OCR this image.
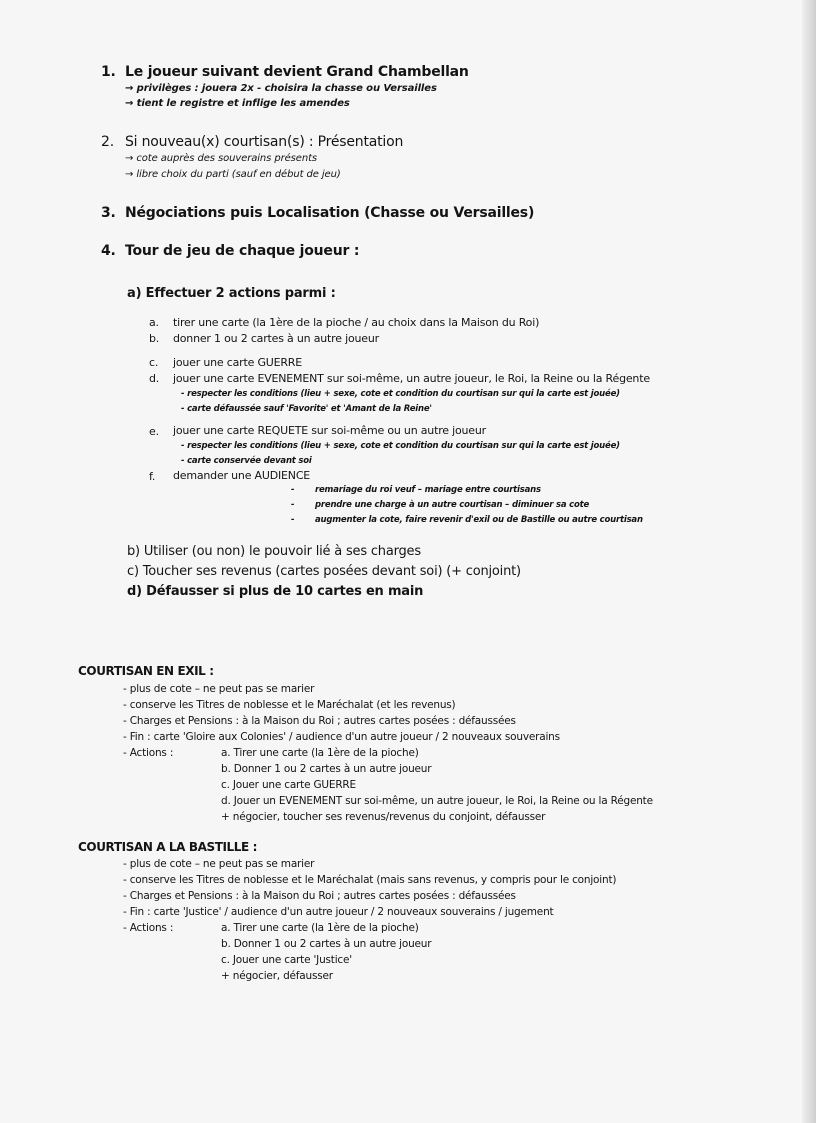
1. Le joueur suivant devient Grand Chambellan
→ privilèges : jouera 2x - choisira la chasse ou Versailles
→ tient le registre et inflige les amendes
2. Si nouveau(x) courtisan(s) : Présentation
→ cote auprès des souverains présents
→ libre choix du parti (sauf en début de jeu)
3. Négociations puis Localisation (Chasse ou Versailles)
4. Tour de jeu de chaque joueur :
a) Effectuer 2 actions parmi :
a. tirer une carte (la 1ère de la pioche / au choix dans la Maison du Roi)
b. donner 1 ou 2 cartes à un autre joueur
c. jouer une carte GUERRE
d. jouer une carte EVENEMENT sur soi-même, un autre joueur, le Roi, la Reine ou la Régente
- respecter les conditions (lieu + sexe, cote et condition du courtisan sur qui la carte est jouée)
- carte défaussée sauf 'Favorite' et 'Amant de la Reine'
e. jouer une carte REQUETE sur soi-même ou un autre joueur
- respecter les conditions (lieu + sexe, cote et condition du courtisan sur qui la carte est jouée)
- carte conservée devant soi
f. demander une AUDIENCE
- remariage du roi veuf – mariage entre courtisans
- prendre une charge à un autre courtisan – diminuer sa cote
- augmenter la cote, faire revenir d'exil ou de Bastille ou autre courtisan
b) Utiliser (ou non) le pouvoir lié à ses charges
c) Toucher ses revenus (cartes posées devant soi) (+ conjoint)
d) Défausser si plus de 10 cartes en main
COURTISAN EN EXIL :
- plus de cote – ne peut pas se marier
- conserve les Titres de noblesse et le Maréchalat (et les revenus)
- Charges et Pensions : à la Maison du Roi ; autres cartes posées : défaussées
- Fin : carte 'Gloire aux Colonies' / audience d'un autre joueur / 2 nouveaux souverains
- Actions :	a. Tirer une carte (la 1ère de la pioche)
b. Donner 1 ou 2 cartes à un autre joueur
c. Jouer une carte GUERRE
d. Jouer un EVENEMENT sur soi-même, un autre joueur, le Roi, la Reine ou la Régente
+ négocier, toucher ses revenus/revenus du conjoint, défausser
COURTISAN A LA BASTILLE :
- plus de cote – ne peut pas se marier
- conserve les Titres de noblesse et le Maréchalat (mais sans revenus, y compris pour le conjoint)
- Charges et Pensions : à la Maison du Roi ; autres cartes posées : défaussées
- Fin : carte 'Justice' / audience d'un autre joueur / 2 nouveaux souverains / jugement
- Actions :	a. Tirer une carte (la 1ère de la pioche)
b. Donner 1 ou 2 cartes à un autre joueur
c. Jouer une carte 'Justice'
+ négocier, défausser
